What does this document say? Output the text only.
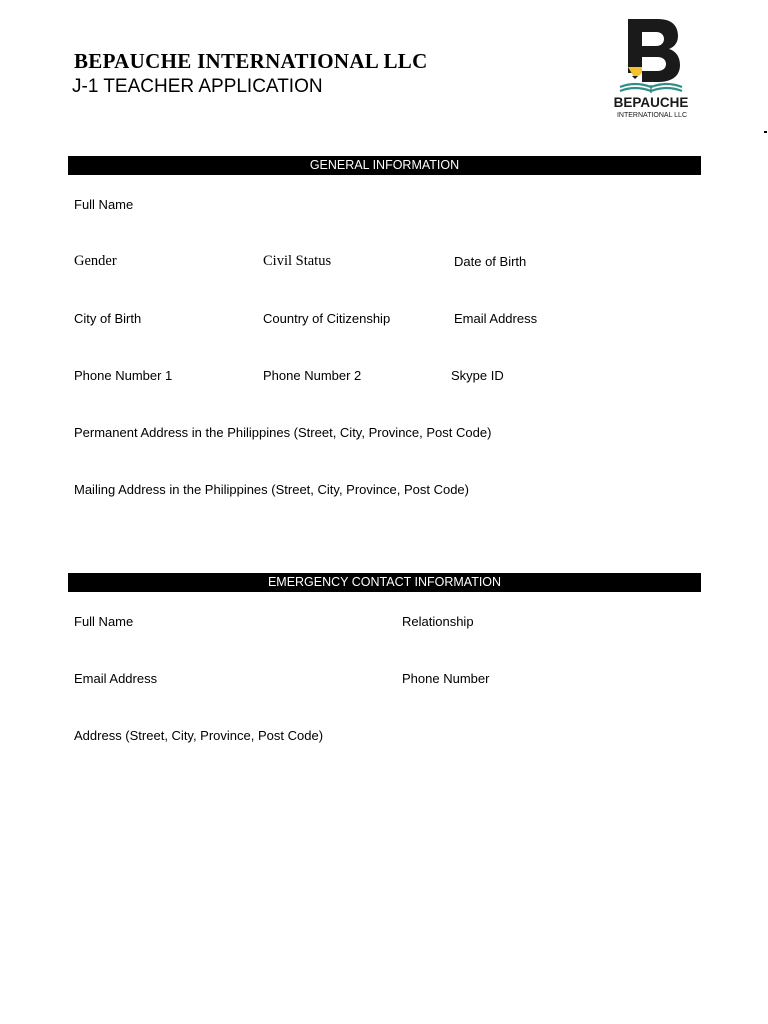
BEPAUCHE INTERNATIONAL LLC
J-1 TEACHER APPLICATION
BEPAUCHE
INTERNATIONAL LLC
GENERAL INFORMATION
Full Name
Gender	Civil Status	Date of Birth
City of Birth	Country of Citizenship	Email Address
Phone Number 1	Phone Number 2	Skype ID
Permanent Address in the Philippines (Street, City, Province, Post Code)
Mailing Address in the Philippines (Street, City, Province, Post Code)
EMERGENCY CONTACT INFORMATION
Full Name	Relationship
Email Address	Phone Number
Address (Street, City, Province, Post Code)
